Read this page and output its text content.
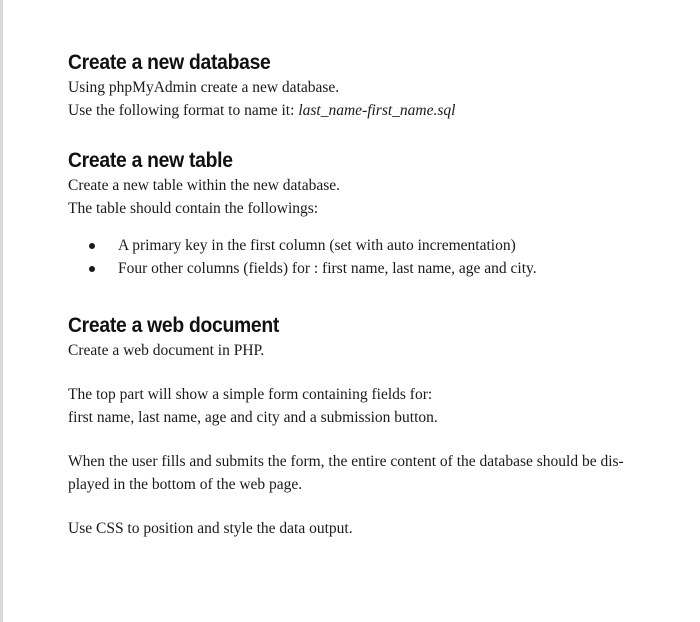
Create a new database

Using phpMyAdmin create a new database.

Use the following format to name it: last_name-first_name.sql

Create a new table

Create a new table within the new database.

The table should contain the followings:

A primary key in the first column (set with auto incrementation)
Four other columns (fields) for : first name, last name, age and city.
Create a web document

Create a web document in PHP.

The top part will show a simple form containing fields for:

first name, last name, age and city and a submission button.

When the user fills and submits the form, the entire content of the database should be dis-

played in the bottom of the web page.

Use CSS to position and style the data output.
